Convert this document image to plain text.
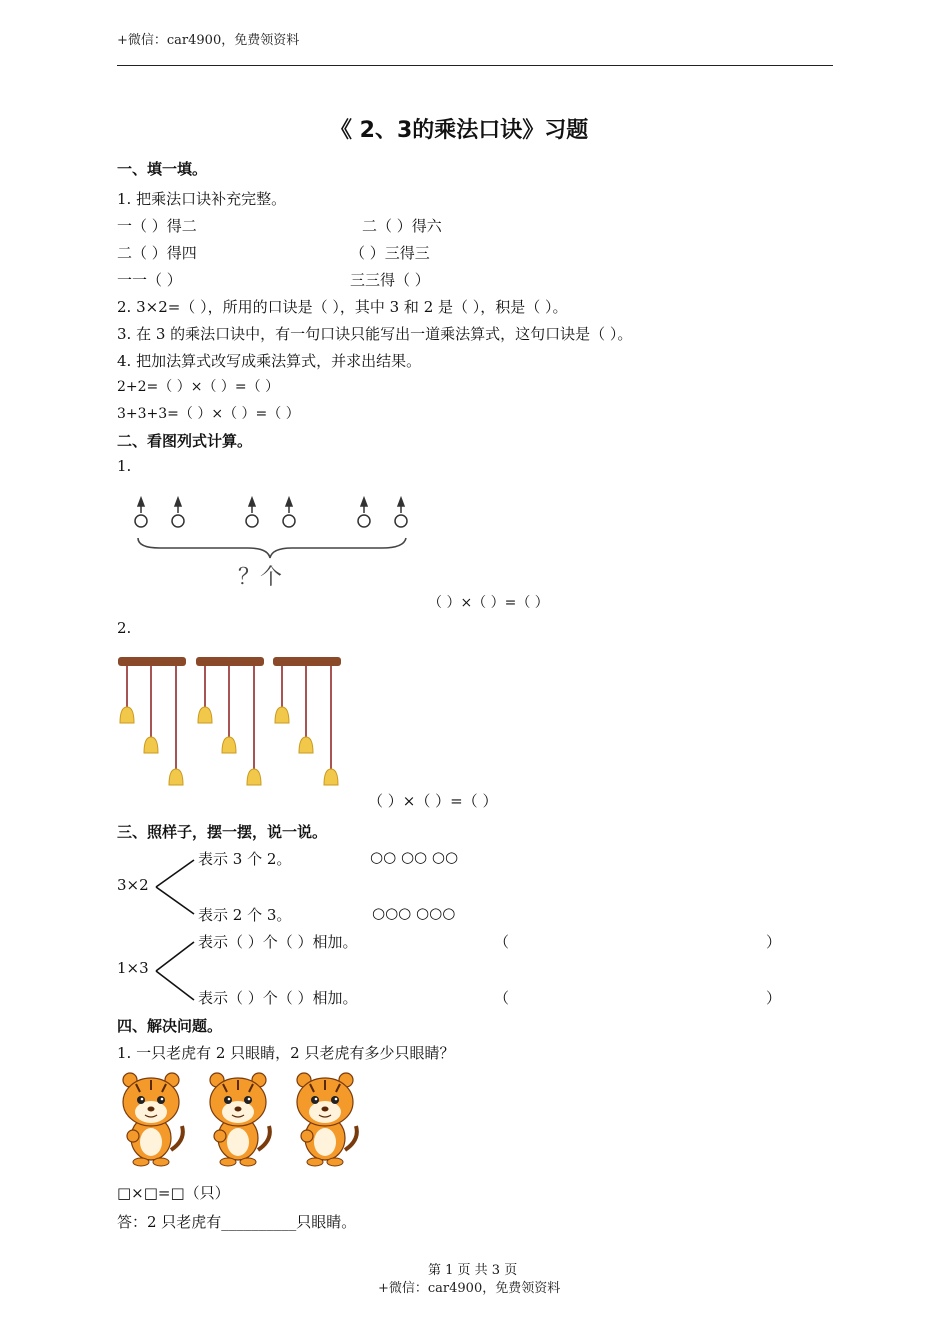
+微信：car4900，免费领资料
《 2、3的乘法口诀》习题
一、填一填。
1. 把乘法口诀补充完整。
一（ ）得二	二（ ）得六
二（ ）得四	（ ）三得三
一一（ ）	三三得（ ）
2. 3×2=（ ），所用的口诀是（ ），其中 3 和 2 是（ ），积是（ ）。
3. 在 3 的乘法口诀中，有一句口诀只能写出一道乘法算式，这句口诀是（ ）。
4. 把加法算式改写成乘法算式，并求出结果。
2+2=（ ）×（ ）=（ ）
3+3+3=（ ）×（ ）=（ ）
二、看图列式计算。
1.
？个
（ ）×（ ）=（ ）
2.
（ ）×（ ）=（ ）
三、照样子，摆一摆，说一说。
3×2
表示 3 个 2。	○○ ○○ ○○
表示 2 个 3。	○○○ ○○○
1×3
表示（ ）个（ ）相加。	（	）
表示（ ）个（ ）相加。	（	）
四、解决问题。
1. 一只老虎有 2 只眼睛，2 只老虎有多少只眼睛？
□×□=□（只）
答：2 只老虎有__________只眼睛。
第 1 页 共 3 页
+微信：car4900，免费领资料
